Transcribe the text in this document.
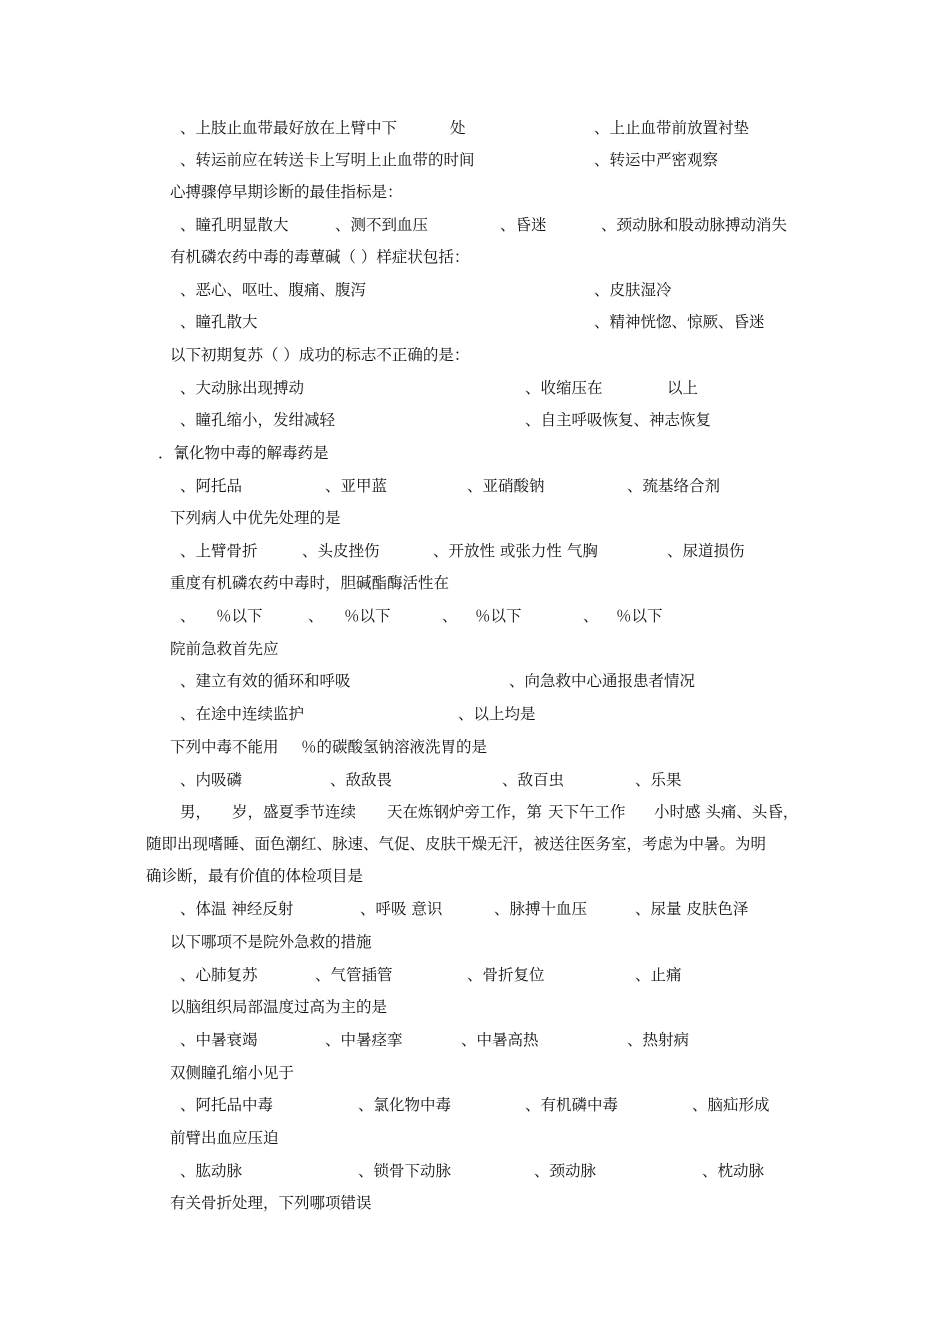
、上肢止血带最好放在上臂中下	处	、上止血带前放置衬垫
、转运前应在转送卡上写明上止血带的时间	、转运中严密观察
心搏骤停早期诊断的最佳指标是：
、瞳孔明显散大	、测不到血压	、昏迷	、颈动脉和股动脉搏动消失
有机磷农药中毒的毒蕈碱（ ）样症状包括：
、恶心、呕吐、腹痛、腹泻	、皮肤湿冷
、瞳孔散大	、精神恍惚、惊厥、昏迷
以下初期复苏（ ）成功的标志不正确的是：
、大动脉出现搏动	、收缩压在	以上
、瞳孔缩小，发绀减轻	、自主呼吸恢复、神志恢复
．氰化物中毒的解毒药是
、阿托品	、亚甲蓝	、亚硝酸钠	、巯基络合剂
下列病人中优先处理的是
、上臂骨折	、头皮挫伤	、开放性 或张力性 气胸	、尿道损伤
重度有机磷农药中毒时，胆碱酯酶活性在
、 ％以下	、 ％以下	、 ％以下	、 ％以下
院前急救首先应
、建立有效的循环和呼吸	、向急救中心通报患者情况
、在途中连续监护	、以上均是
下列中毒不能用 ％的碳酸氢钠溶液洗胃的是
、内吸磷	、敌敌畏	、敌百虫	、乐果
男， 岁，盛夏季节连续 天在炼钢炉旁工作，第 天下午工作 小时感 头痛、头昏，
随即出现嗜睡、面色潮红、脉速、气促、皮肤干燥无汗，被送往医务室，考虑为中暑。为明
确诊断，最有价值的体检项目是
、体温 神经反射	、呼吸 意识	、脉搏十血压	、尿量 皮肤色泽
以下哪项不是院外急救的措施
、心肺复苏	、气管插管	、骨折复位	、止痛
以脑组织局部温度过高为主的是
、中暑衰竭	、中暑痉挛	、中暑高热	、热射病
双侧瞳孔缩小见于
、阿托品中毒	、氯化物中毒	、有机磷中毒	、脑疝形成
前臂出血应压迫
、肱动脉	、锁骨下动脉	、颈动脉	、枕动脉
有关骨折处理，下列哪项错误
